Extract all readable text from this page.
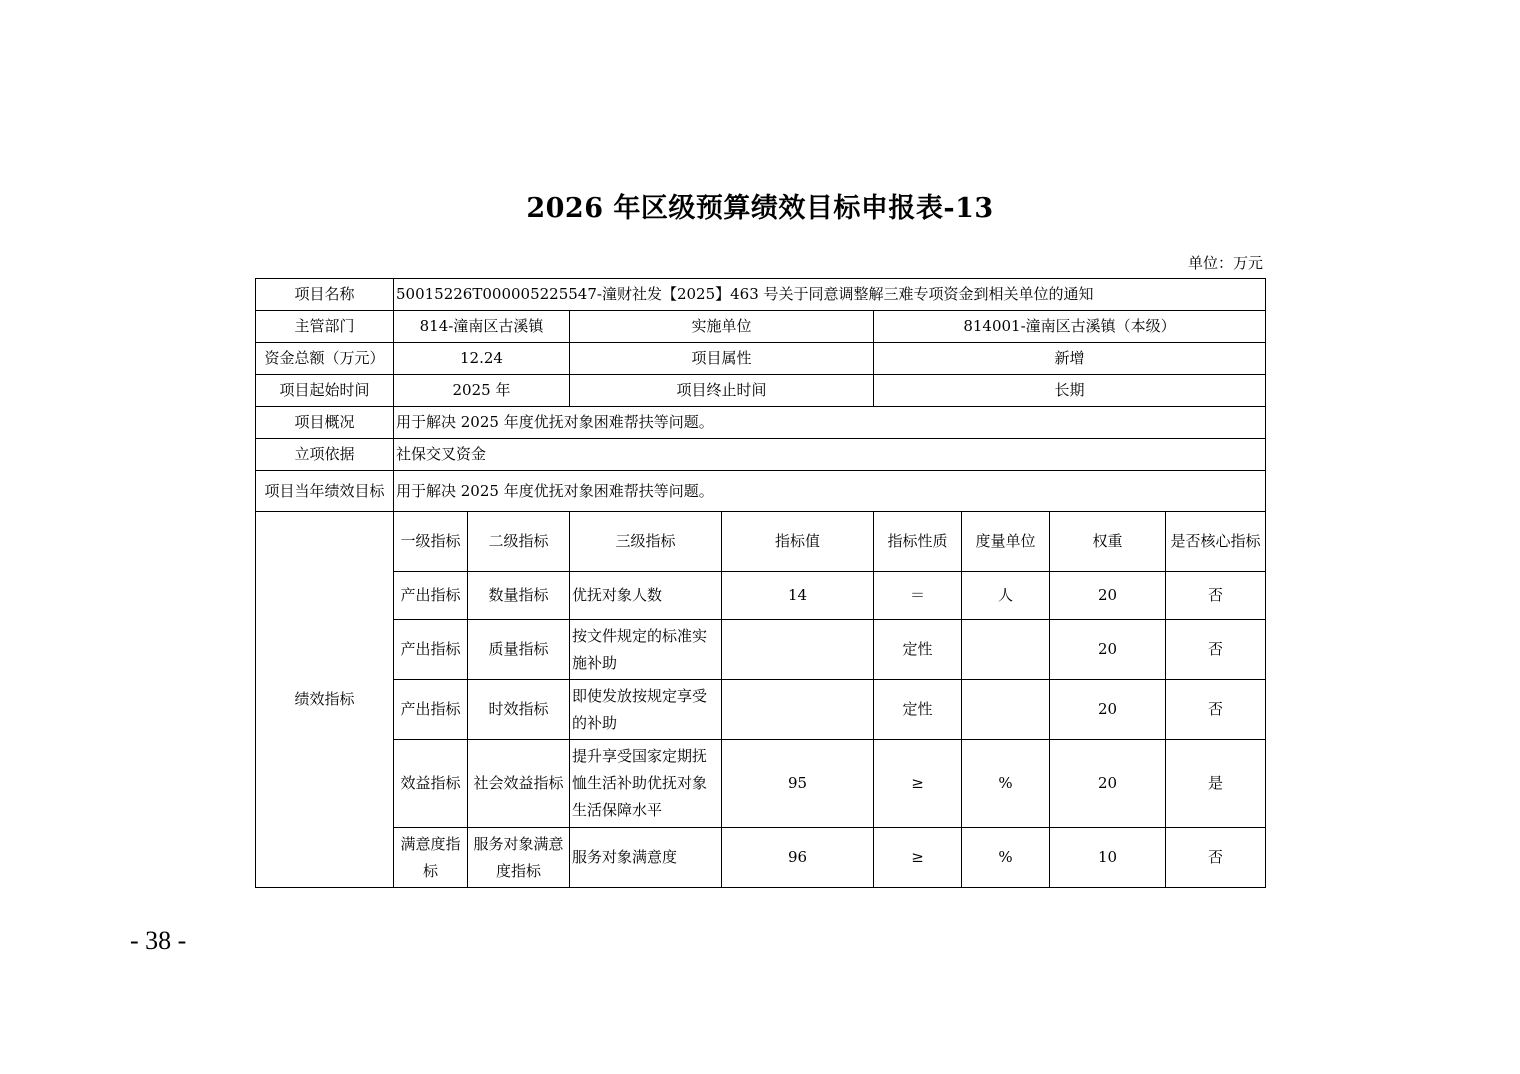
2026 年区级预算绩效目标申报表-13
单位：万元
项目名称	50015226T000005225547-潼财社发【2025】463 号关于同意调整解三难专项资金到相关单位的通知							
主管部门	814-潼南区古溪镇		实施单位		814001-潼南区古溪镇（本级）			
资金总额（万元）	12.24		项目属性		新增			
项目起始时间	2025 年		项目终止时间		长期			
项目概况	用于解决 2025 年度优抚对象困难帮扶等问题。							
立项依据	社保交叉资金							
项目当年绩效目标	用于解决 2025 年度优抚对象困难帮扶等问题。							
绩效指标	一级指标	二级指标	三级指标	指标值	指标性质	度量单位	权重	是否核心指标
	产出指标	数量指标	优抚对象人数	14	＝	人	20	否
	产出指标	质量指标	按文件规定的标准实施补助		定性		20	否
	产出指标	时效指标	即使发放按规定享受的补助		定性		20	否
	效益指标	社会效益指标	提升享受国家定期抚恤生活补助优抚对象生活保障水平	95	≥	%	20	是
	满意度指标	服务对象满意度指标	服务对象满意度	96	≥	%	10	否
- 38 -
